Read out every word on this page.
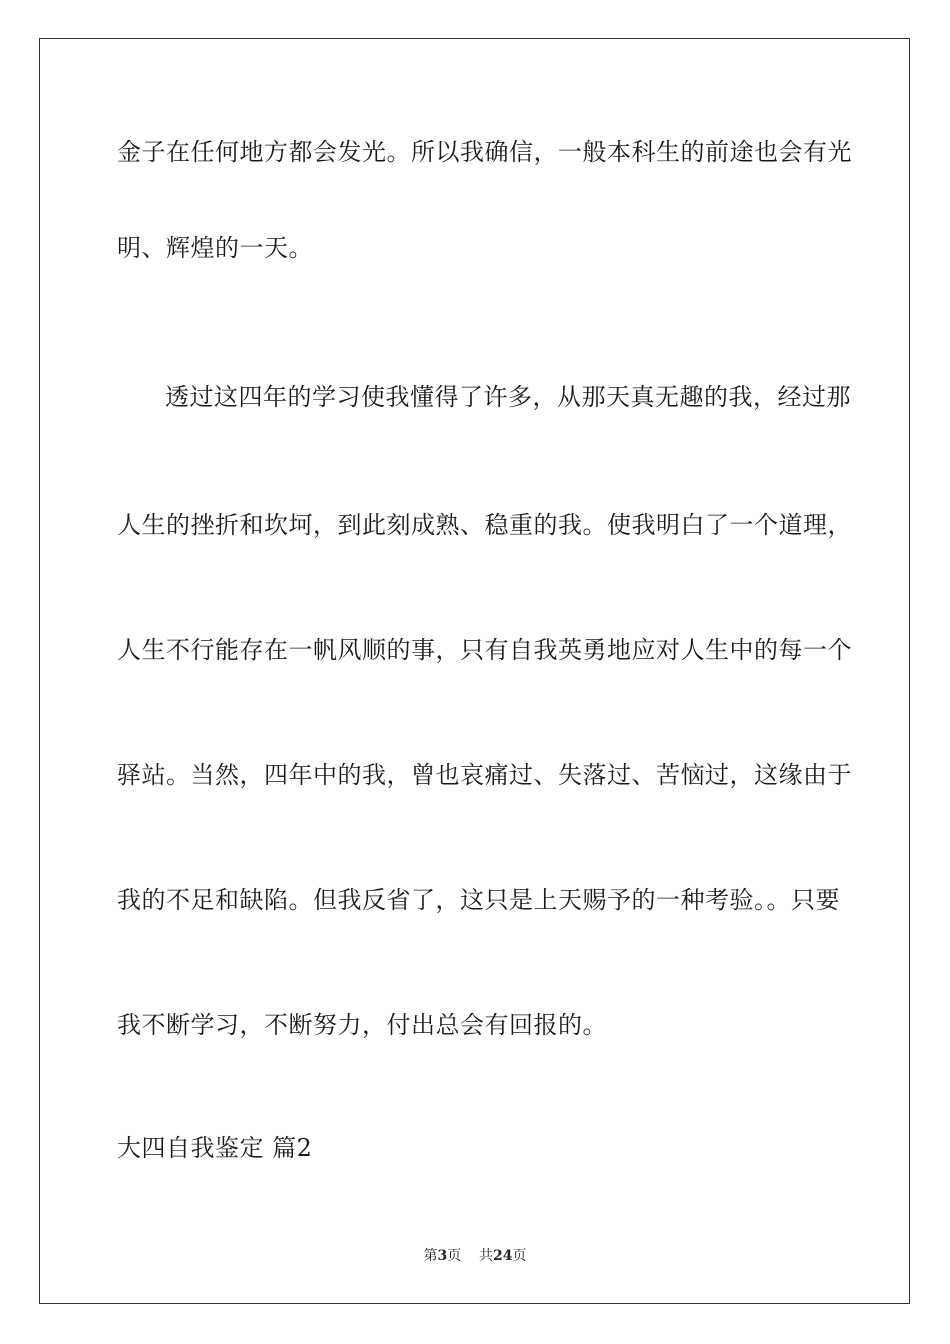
金子在任何地方都会发光。所以我确信，一般本科生的前途也会有光
明、辉煌的一天。
透过这四年的学习使我懂得了许多，从那天真无趣的我，经过那
人生的挫折和坎坷，到此刻成熟、稳重的我。使我明白了一个道理，
人生不行能存在一帆风顺的事，只有自我英勇地应对人生中的每一个
驿站。当然，四年中的我，曾也哀痛过、失落过、苦恼过，这缘由于
我的不足和缺陷。但我反省了，这只是上天赐予的一种考验。。只要
我不断学习，不断努力，付出总会有回报的。
大四自我鉴定 篇2
第3页 共24页
